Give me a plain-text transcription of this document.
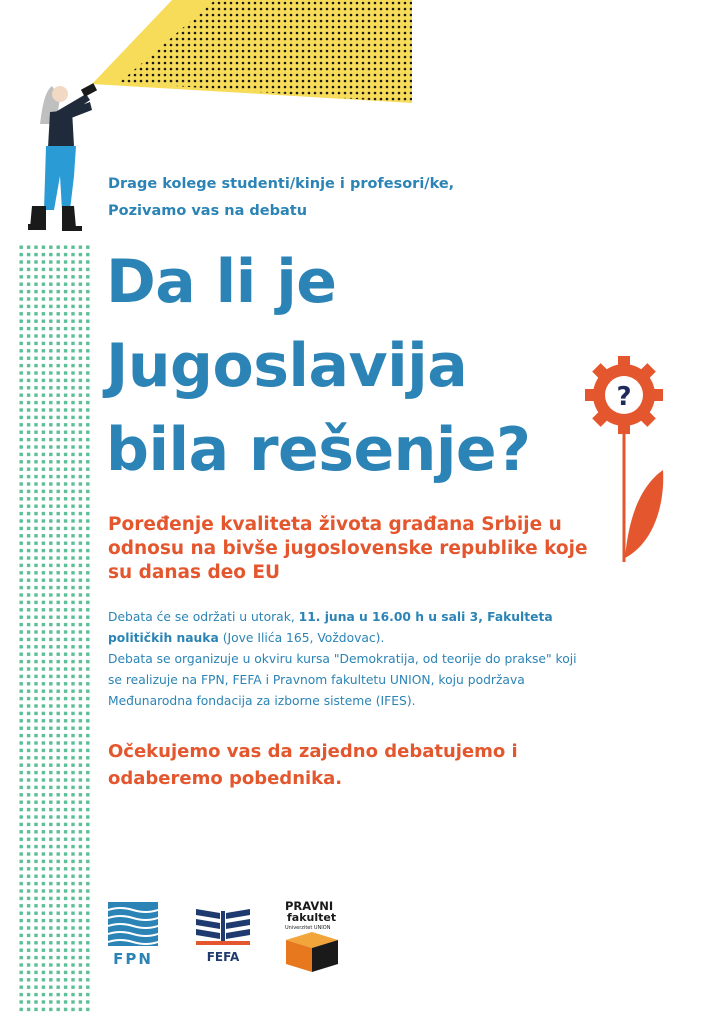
Drage kolege studenti/kinje i profesori/ke,
Pozivamo vas na debatu
Da li je
Jugoslavija
bila rešenje?
?
Poređenje kvaliteta života građana Srbije u
odnosu na bivše jugoslovenske republike koje
su danas deo EU
Debata će se održati u utorak, 11. juna u 16.00 h u sali 3, Fakulteta političkih nauka (Jove Ilića 165, Voždovac).
Debata se organizuje u okviru kursa "Demokratija, od teorije do prakse" koji se realizuje na FPN, FEFA i Pravnom fakultetu UNION, koju podržava Međunarodna fondacija za izborne sisteme (IFES).
Očekujemo vas da zajedno debatujemo i
odaberemo pobednika.
FPN	FEFA
PRAVNI
fakultet
Univerzitet UNION
